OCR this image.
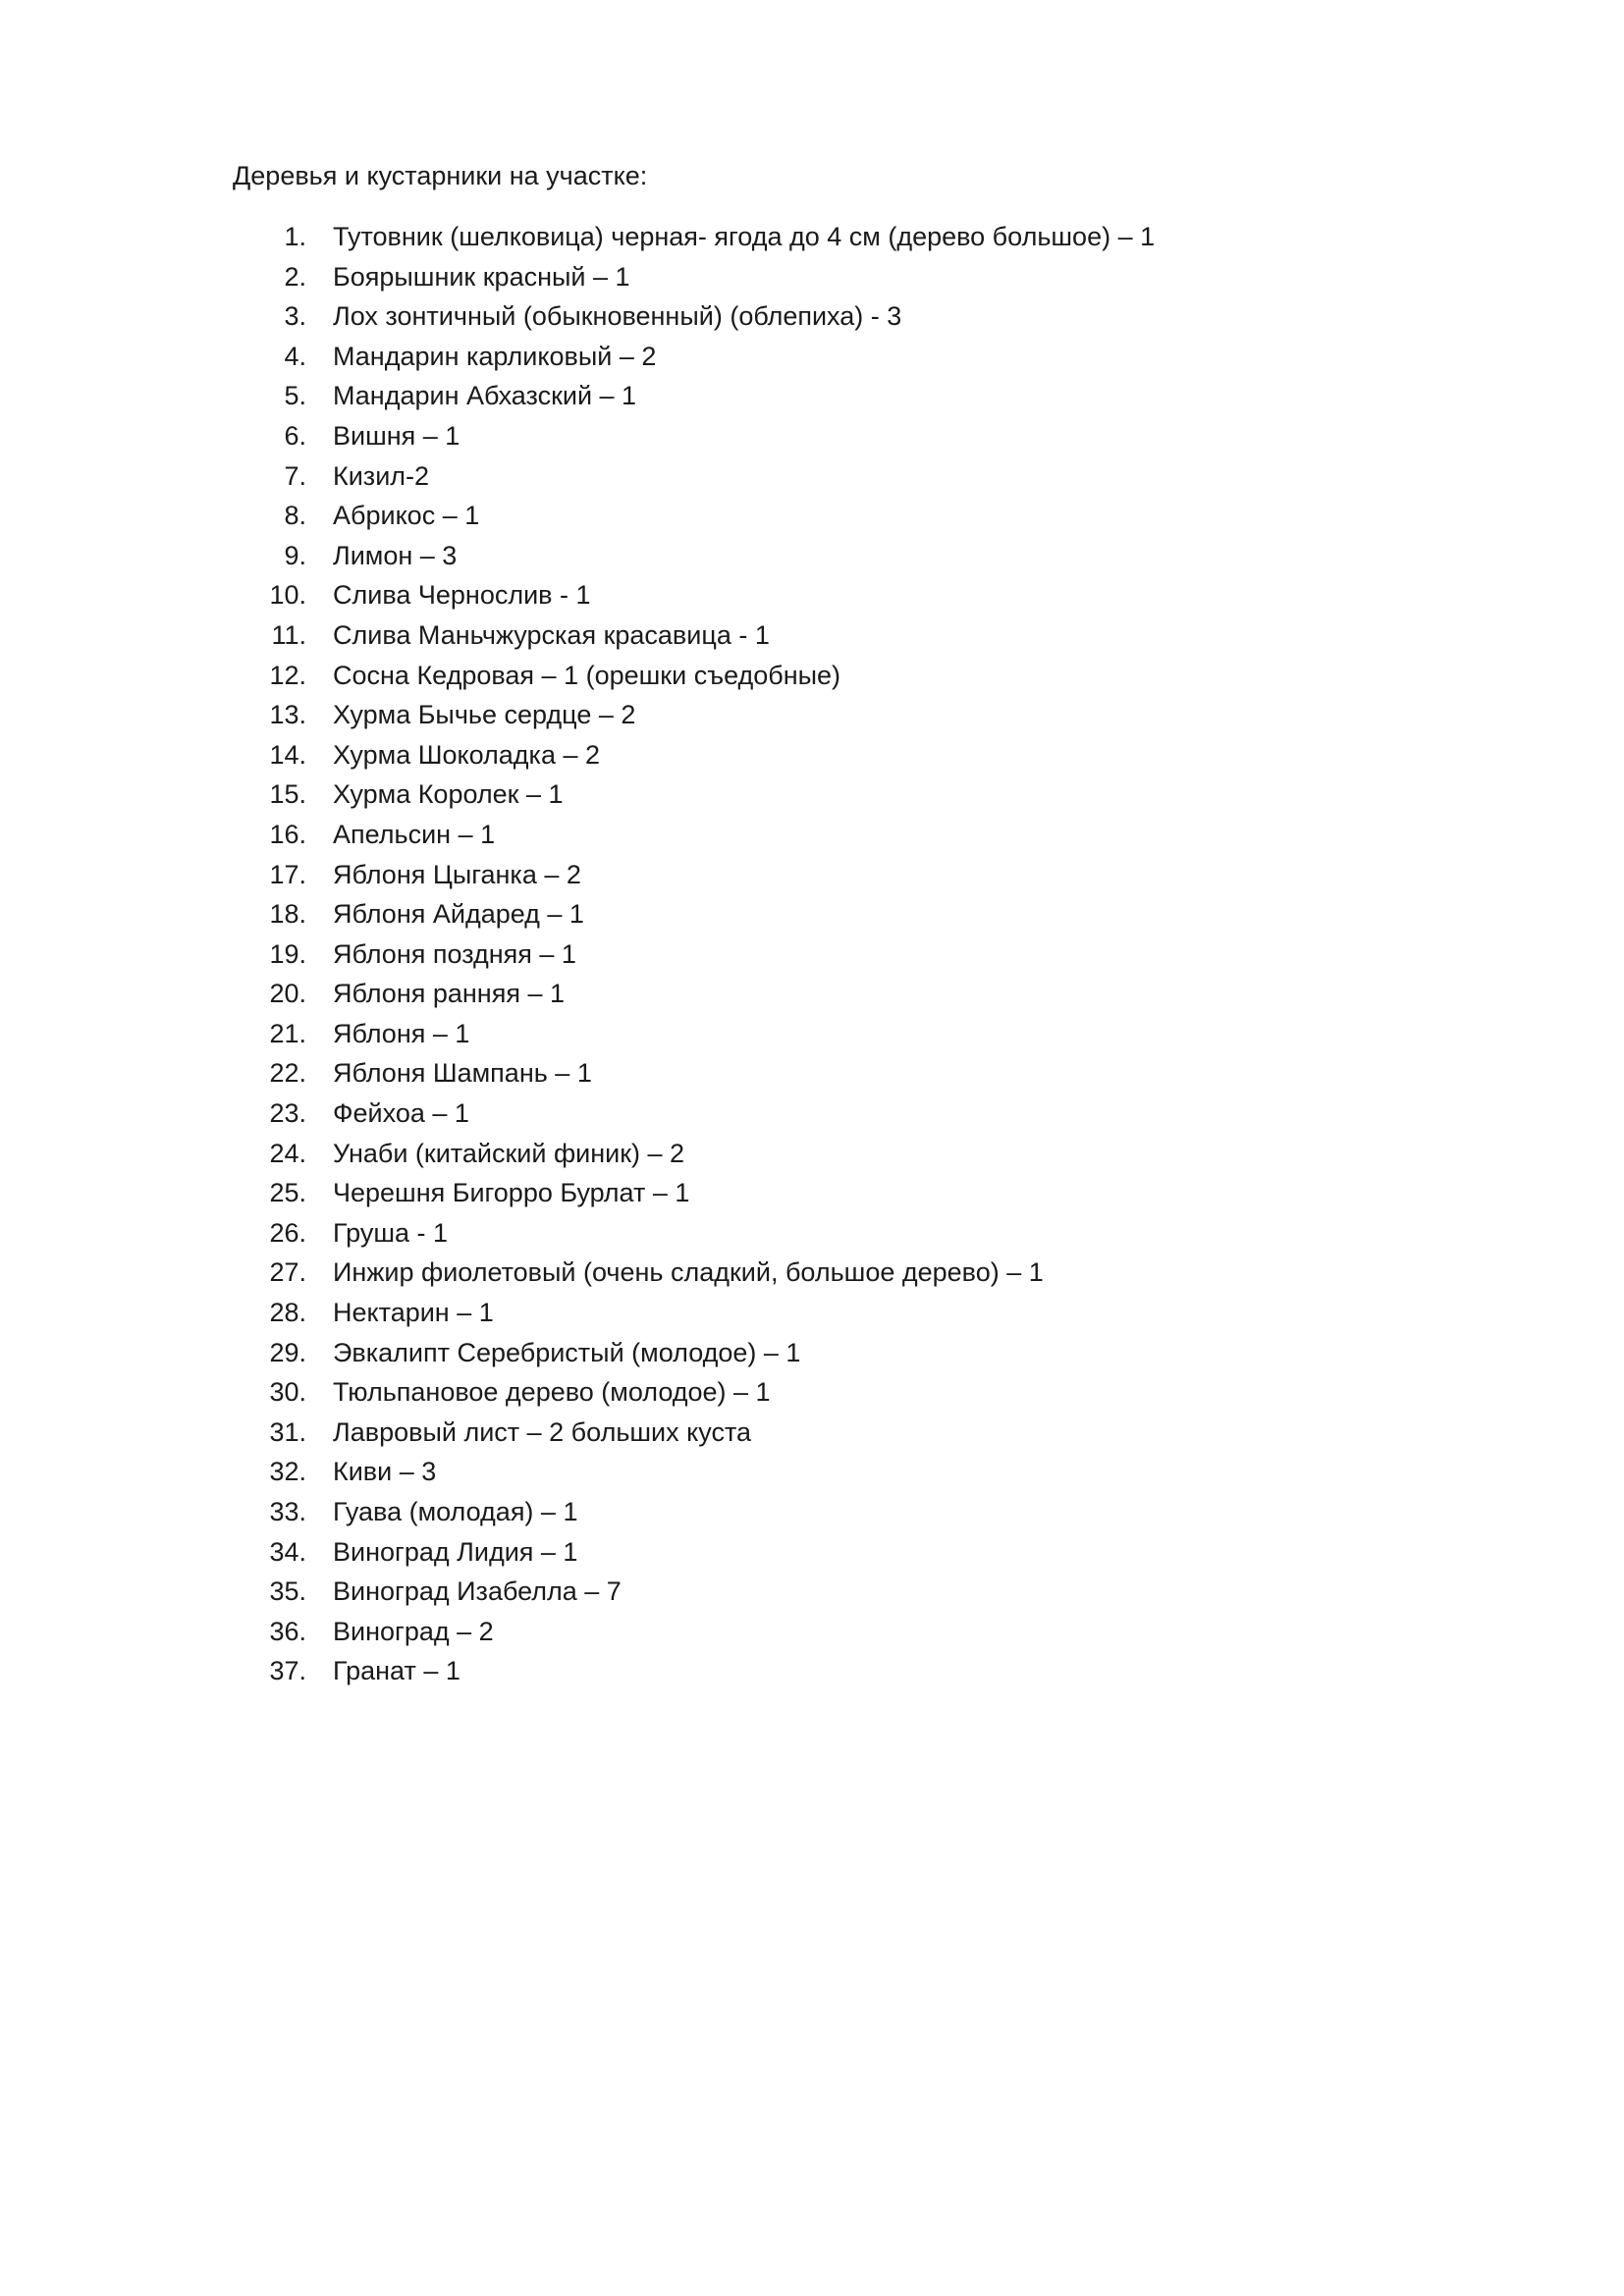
Деревья и кустарники на участке:
1. Тутовник (шелковица) черная- ягода до 4 см (дерево большое) – 1
2. Боярышник красный – 1
3. Лох зонтичный (обыкновенный) (облепиха) - 3
4. Мандарин карликовый – 2
5. Мандарин Абхазский – 1
6. Вишня – 1
7. Кизил-2
8. Абрикос – 1
9. Лимон – 3
10. Слива Чернослив - 1
11. Слива Маньчжурская красавица - 1
12. Сосна Кедровая – 1 (орешки съедобные)
13. Хурма Бычье сердце – 2
14. Хурма Шоколадка – 2
15. Хурма Королек – 1
16. Апельсин – 1
17. Яблоня Цыганка – 2
18. Яблоня Айдаред – 1
19. Яблоня поздняя – 1
20. Яблоня ранняя – 1
21. Яблоня – 1
22. Яблоня Шампань – 1
23. Фейхоа – 1
24. Унаби (китайский финик) – 2
25. Черешня Бигорро Бурлат – 1
26. Груша - 1
27. Инжир фиолетовый (очень сладкий, большое дерево) – 1
28. Нектарин – 1
29. Эвкалипт Серебристый (молодое) – 1
30. Тюльпановое дерево (молодое) – 1
31. Лавровый лист – 2 больших куста
32. Киви – 3
33. Гуава (молодая) – 1
34. Виноград Лидия – 1
35. Виноград Изабелла – 7
36. Виноград – 2
37. Гранат – 1
